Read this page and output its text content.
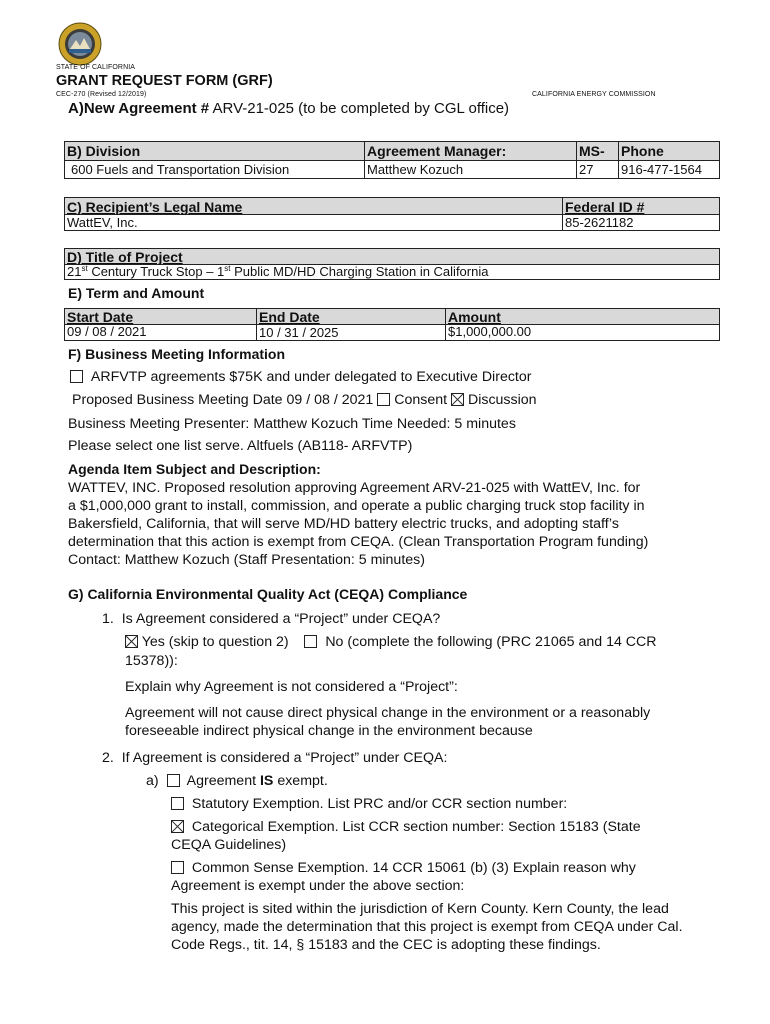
STATE OF CALIFORNIA
GRANT REQUEST FORM (GRF)
CEC-270 (Revised 12/2019)	CALIFORNIA ENERGY COMMISSION
A)New Agreement # ARV-21-025 (to be completed by CGL office)
B) Division	Agreement Manager:	MS- Phone
600 Fuels and Transportation Division	Matthew Kozuch	27 916-477-1564
C) Recipient’s Legal Name	Federal ID #
WattEV, Inc.	85-2621182
D) Title of Project
21st Century Truck Stop – 1st Public MD/HD Charging Station in California
E) Term and Amount
Start Date	End Date	Amount
09 / 08 / 2021	10 / 31 / 2025	$1,000,000.00
F) Business Meeting Information
ARFVTP agreements $75K and under delegated to Executive Director
Proposed Business Meeting Date 09 / 08 / 2021 Consent Discussion
Business Meeting Presenter: Matthew Kozuch Time Needed: 5 minutes
Please select one list serve. Altfuels (AB118- ARFVTP)
Agenda Item Subject and Description:
WATTEV, INC. Proposed resolution approving Agreement ARV-21-025 with WattEV, Inc. for
a $1,000,000 grant to install, commission, and operate a public charging truck stop facility in
Bakersfield, California, that will serve MD/HD battery electric trucks, and adopting staff’s
determination that this action is exempt from CEQA. (Clean Transportation Program funding)
Contact: Matthew Kozuch (Staff Presentation: 5 minutes)
G) California Environmental Quality Act (CEQA) Compliance
1. Is Agreement considered a “Project” under CEQA?
Yes (skip to question 2)	No (complete the following (PRC 21065 and 14 CCR
15378)):
Explain why Agreement is not considered a “Project”:
Agreement will not cause direct physical change in the environment or a reasonably
foreseeable indirect physical change in the environment because
2. If Agreement is considered a “Project” under CEQA:
a) Agreement IS exempt.
Statutory Exemption. List PRC and/or CCR section number:
Categorical Exemption. List CCR section number: Section 15183 (State
CEQA Guidelines)
Common Sense Exemption. 14 CCR 15061 (b) (3) Explain reason why
Agreement is exempt under the above section:
This project is sited within the jurisdiction of Kern County. Kern County, the lead
agency, made the determination that this project is exempt from CEQA under Cal.
Code Regs., tit. 14, § 15183 and the CEC is adopting these findings.
